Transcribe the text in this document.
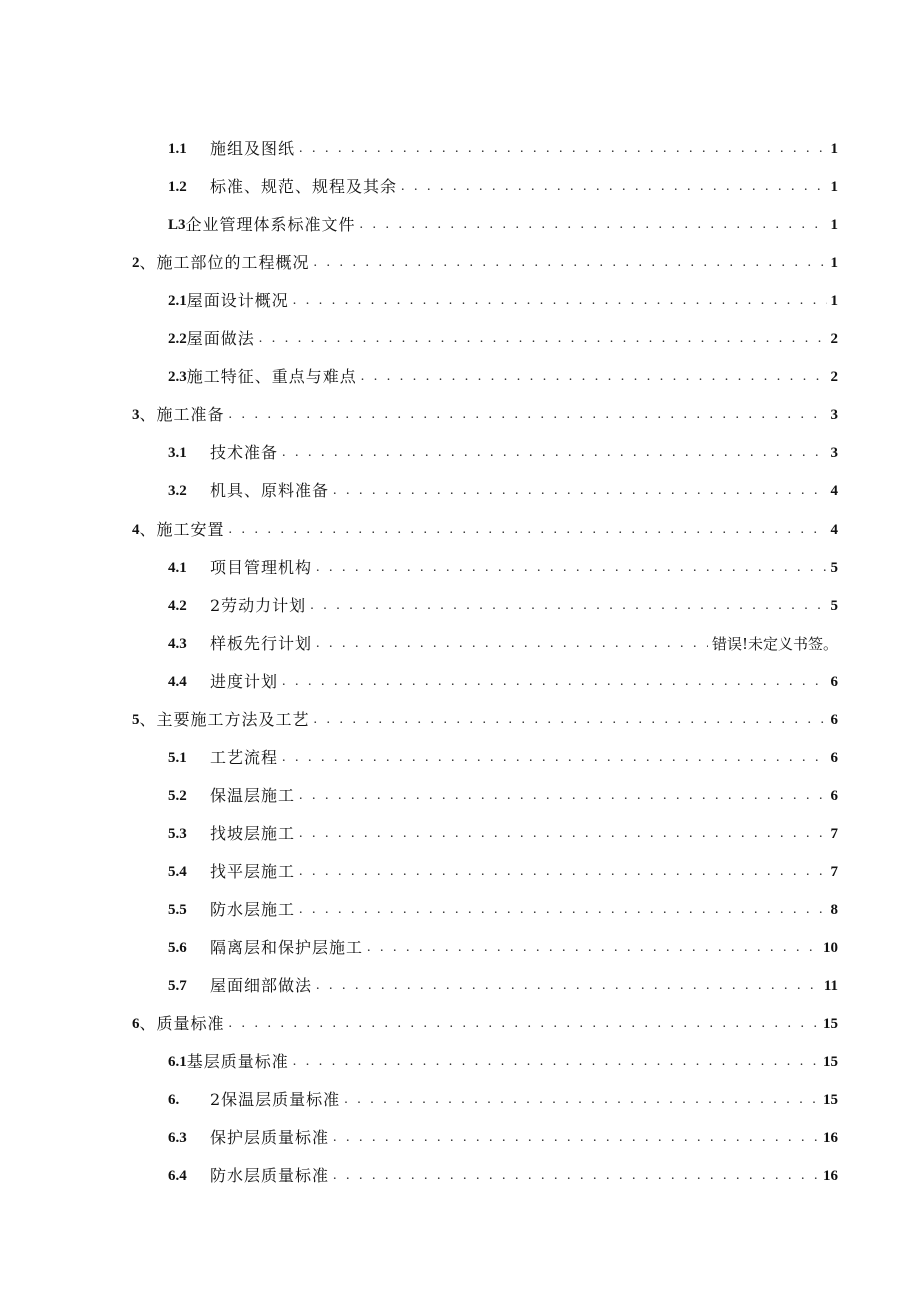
1.1	施组及图纸 . . .	1
1.2	标准、规范、规程及其余 . . .	1
L3 企业管理体系标准文件 . . .	1
2 、施工部位的工程概况 . . .	1
2.1 屋面设计概况 . . .	1
2.2 屋面做法 . . .	2
2.3 施工特征、重点与难点 . . .	2
3 、施工准备 . . .	3
3.1	技术准备 . . .	3
3.2	机具、原料准备 . . .	4
4 、施工安置 . . .	4
4.1	项目管理机构 . . .	5
4.2	2劳动力计划 . . .	5
4.3	样板先行计划 . . .	错误!未定义书签。
4.4	进度计划 . . .	6
5 、主要施工方法及工艺 . . .	6
5.1	工艺流程 . . .	6
5.2	保温层施工 . . .	6
5.3	找坡层施工 . . .	7
5.4	找平层施工 . . .	7
5.5	防水层施工 . . .	8
5.6	隔离层和保护层施工 . . .	10
5.7	屋面细部做法 . . .	11
6 、质量标准 . . .	15
6.1 基层质量标准 . . .	15
6.	2保温层质量标准 . . .	15
6.3	保护层质量标准 . . .	16
6.4	防水层质量标准 . . .	16
